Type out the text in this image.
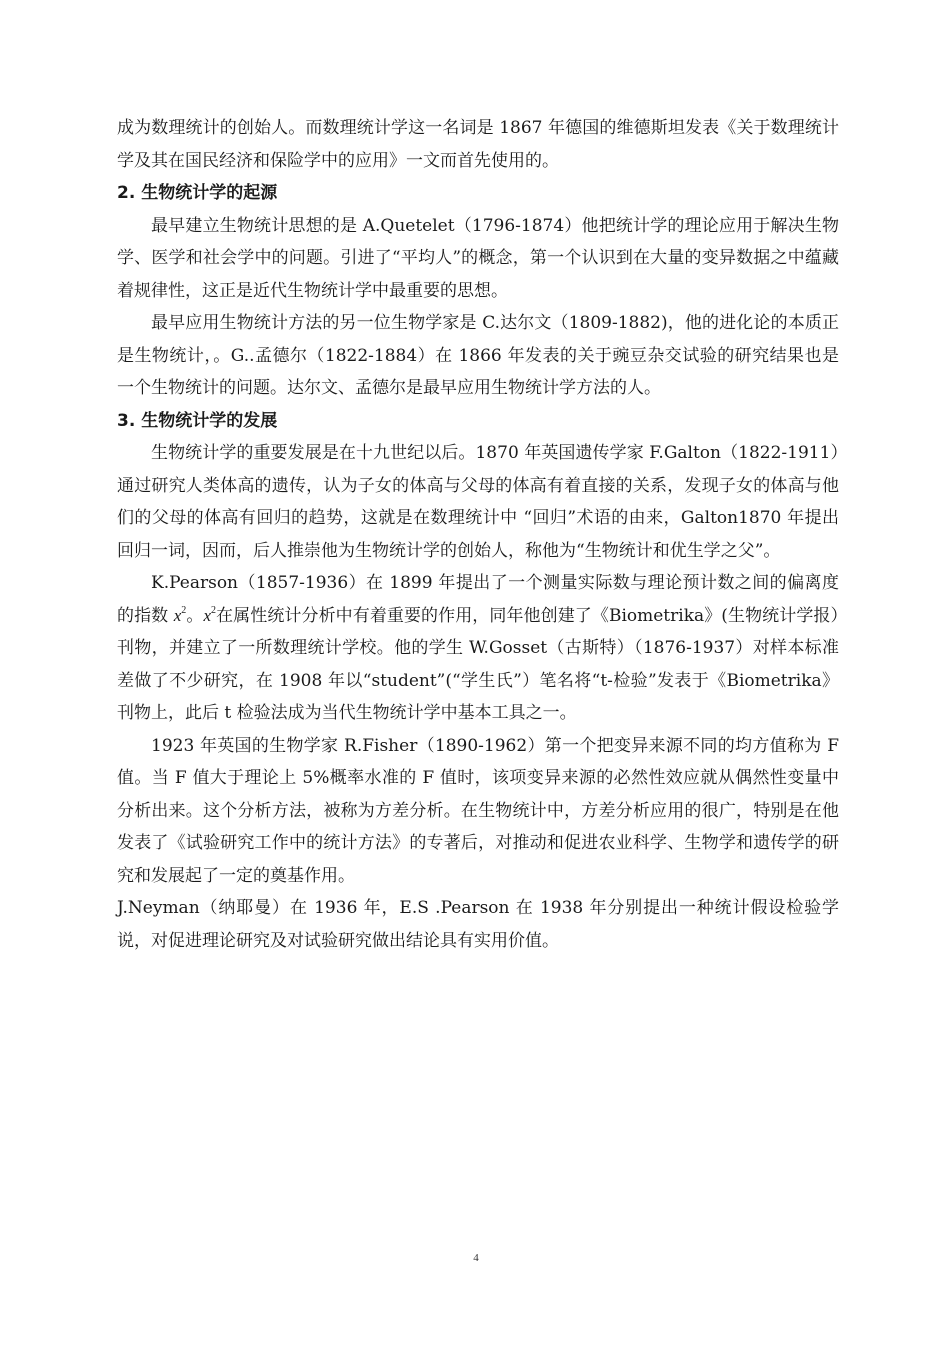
成为数理统计的创始人。而数理统计学这一名词是 1867 年德国的维德斯坦发表《关于数理统计学及其在国民经济和保险学中的应用》一文而首先使用的。

2. 生物统计学的起源

最早建立生物统计思想的是 A.Quetelet（1796-1874）他把统计学的理论应用于解决生物学、医学和社会学中的问题。引进了“平均人”的概念，第一个认识到在大量的变异数据之中蕴藏着规律性，这正是近代生物统计学中最重要的思想。

最早应用生物统计方法的另一位生物学家是 C.达尔文（1809-1882)，他的进化论的本质正是生物统计，。G..孟德尔（1822-1884）在 1866 年发表的关于豌豆杂交试验的研究结果也是一个生物统计的问题。达尔文、孟德尔是最早应用生物统计学方法的人。

3. 生物统计学的发展

生物统计学的重要发展是在十九世纪以后。1870 年英国遗传学家 F.Galton（1822-1911）通过研究人类体高的遗传，认为子女的体高与父母的体高有着直接的关系，发现子女的体高与他们的父母的体高有回归的趋势，这就是在数理统计中 “回归”术语的由来，Galton1870 年提出回归一词，因而，后人推崇他为生物统计学的创始人，称他为“生物统计和优生学之父”。

K.Pearson（1857-1936）在 1899 年提出了一个测量实际数与理论预计数之间的偏离度的指数 $x^2$。$x^2$在属性统计分析中有着重要的作用，同年他创建了《Biometrika》(生物统计学报）刊物，并建立了一所数理统计学校。他的学生 W.Gosset（古斯特）（1876-1937）对样本标准差做了不少研究，在 1908 年以“student”(“学生氏”）笔名将“t-检验”发表于《Biometrika》刊物上，此后 t 检验法成为当代生物统计学中基本工具之一。

1923 年英国的生物学家 R.Fisher（1890-1962）第一个把变异来源不同的均方值称为 F 值。当 F 值大于理论上 5%概率水准的 F 值时，该项变异来源的必然性效应就从偶然性变量中分析出来。这个分析方法，被称为方差分析。在生物统计中，方差分析应用的很广，特别是在他发表了《试验研究工作中的统计方法》的专著后，对推动和促进农业科学、生物学和遗传学的研究和发展起了一定的奠基作用。

J.Neyman（纳耶曼）在 1936 年，E.S .Pearson 在 1938 年分别提出一种统计假设检验学说，对促进理论研究及对试验研究做出结论具有实用价值。

4
